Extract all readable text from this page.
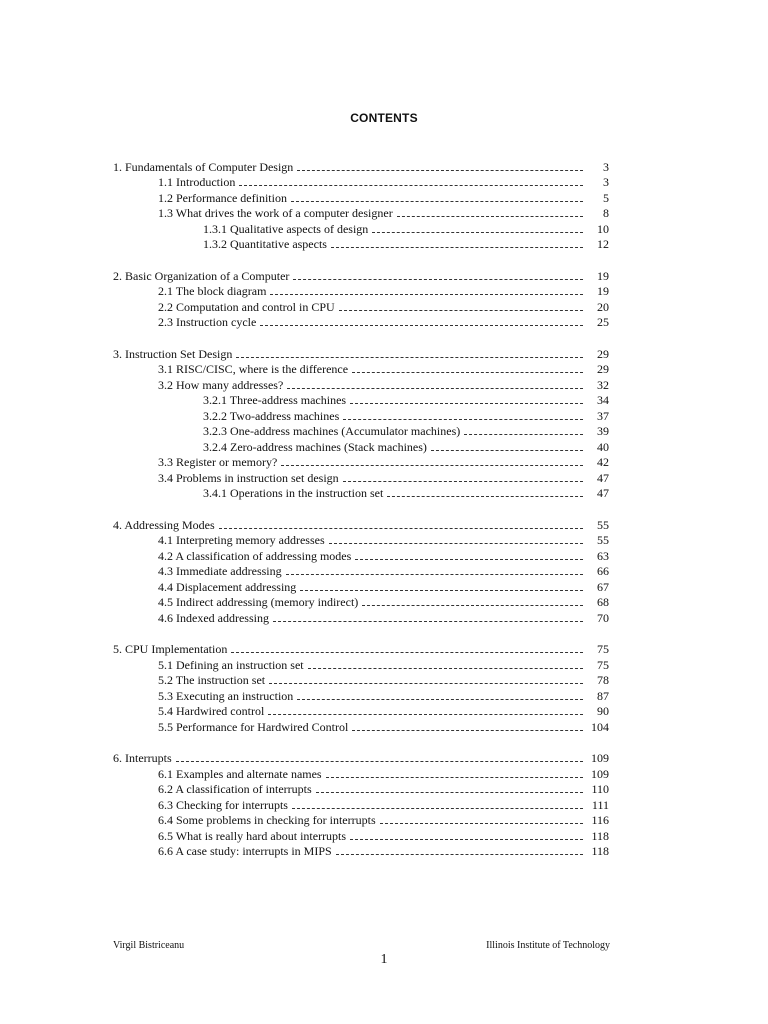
CONTENTS
1. Fundamentals of Computer Design	3
1.1 Introduction	3
1.2 Performance definition	5
1.3 What drives the work of a computer designer	8
1.3.1 Qualitative aspects of design	10
1.3.2 Quantitative aspects	12
2. Basic Organization of a Computer	19
2.1 The block diagram	19
2.2 Computation and control in CPU	20
2.3 Instruction cycle	25
3. Instruction Set Design	29
3.1 RISC/CISC, where is the difference	29
3.2 How many addresses?	32
3.2.1 Three-address machines	34
3.2.2 Two-address machines	37
3.2.3 One-address machines (Accumulator machines)	39
3.2.4 Zero-address machines (Stack machines)	40
3.3 Register or memory?	42
3.4 Problems in instruction set design	47
3.4.1 Operations in the instruction set	47
4. Addressing Modes	55
4.1 Interpreting memory addresses	55
4.2 A classification of addressing modes	63
4.3 Immediate addressing	66
4.4 Displacement addressing	67
4.5 Indirect addressing (memory indirect)	68
4.6 Indexed addressing	70
5. CPU Implementation	75
5.1 Defining an instruction set	75
5.2 The instruction set	78
5.3 Executing an instruction	87
5.4 Hardwired control	90
5.5 Performance for Hardwired Control	104
6. Interrupts	109
6.1 Examples and alternate names	109
6.2 A classification of interrupts	110
6.3 Checking for interrupts	111
6.4 Some problems in checking for interrupts	116
6.5 What is really hard about interrupts	118
6.6 A case study: interrupts in MIPS	118
Virgil Bistriceanu	Illinois Institute of Technology
1
